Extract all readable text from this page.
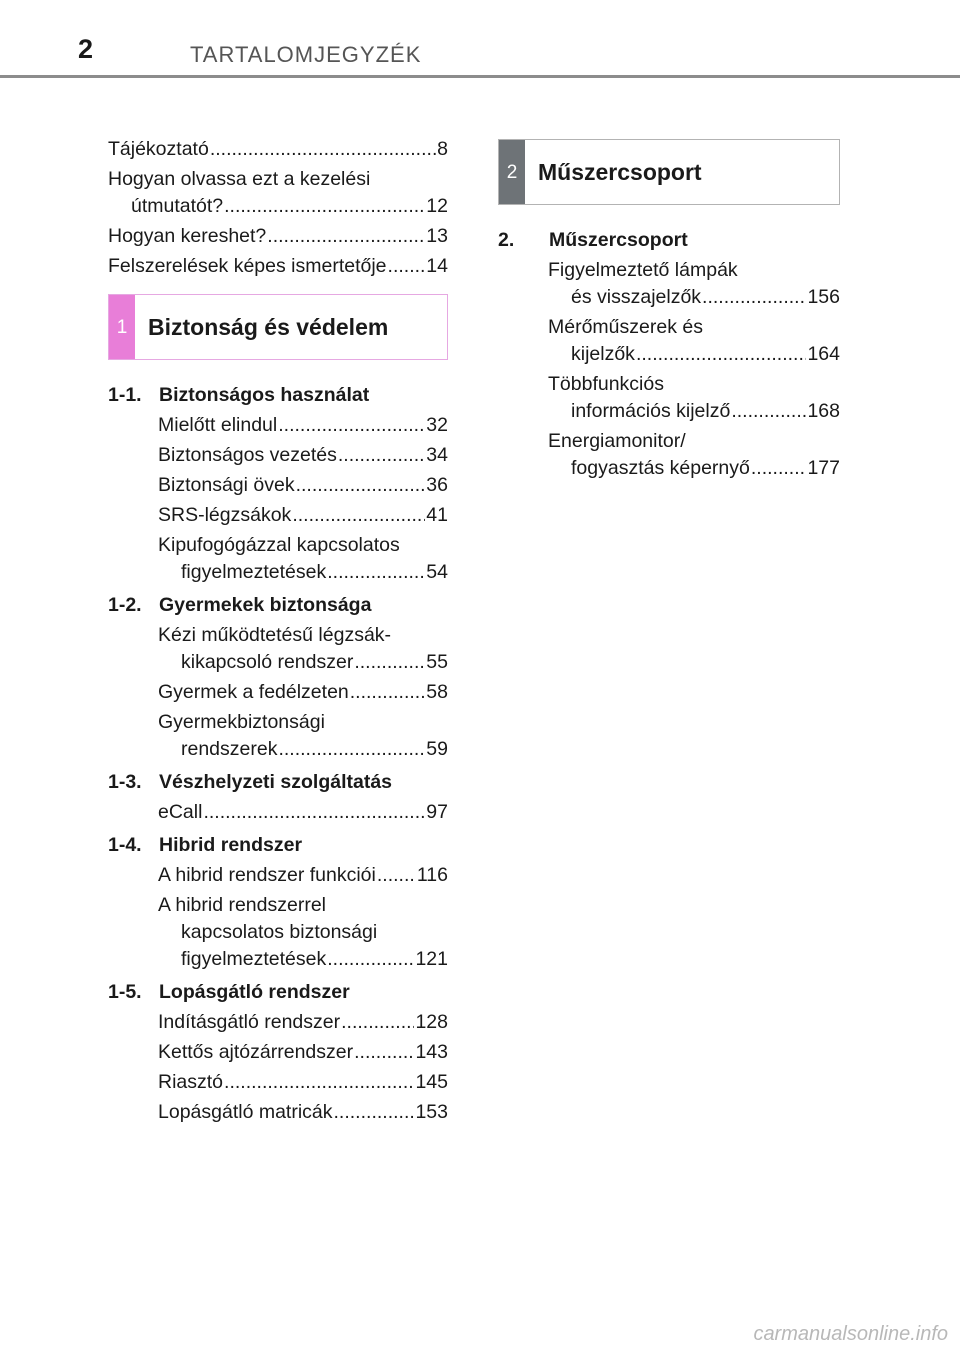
2	TARTALOMJEGYZÉK
Tájékoztató .....	8
Hogyan olvassa ezt a kezelési
útmutatót? .....	12
Hogyan kereshet? .....	13
Felszerelések képes ismertetője ..... 14
1 Biztonság és védelem
1-1. Biztonságos használat
Mielőtt elindul .....	32
Biztonságos vezetés .....	34
Biztonsági övek .....	36
SRS-légzsákok .....	41
Kipufogógázzal kapcsolatos
figyelmeztetések .....	54
1-2. Gyermekek biztonsága
Kézi működtetésű légzsák-
kikapcsoló rendszer .....	55
Gyermek a fedélzeten .....	58
Gyermekbiztonsági
rendszerek .....	59
1-3. Vészhelyzeti szolgáltatás
eCall .....	97
1-4. Hibrid rendszer
A hibrid rendszer funkciói ..... 116
A hibrid rendszerrel
kapcsolatos biztonsági
figyelmeztetések .....	121
1-5. Lopásgátló rendszer
Indításgátló rendszer .....	128
Kettős ajtózárrendszer .....	143
Riasztó .....	145
Lopásgátló matricák .....	153
2 Műszercsoport
2.	Műszercsoport
Figyelmeztető lámpák
és visszajelzők .....	156
Mérőműszerek és
kijelzők .....	164
Többfunkciós
információs kijelző .....	168
Energiamonitor/
fogyasztás képernyő .....	177
carmanualsonline.info
